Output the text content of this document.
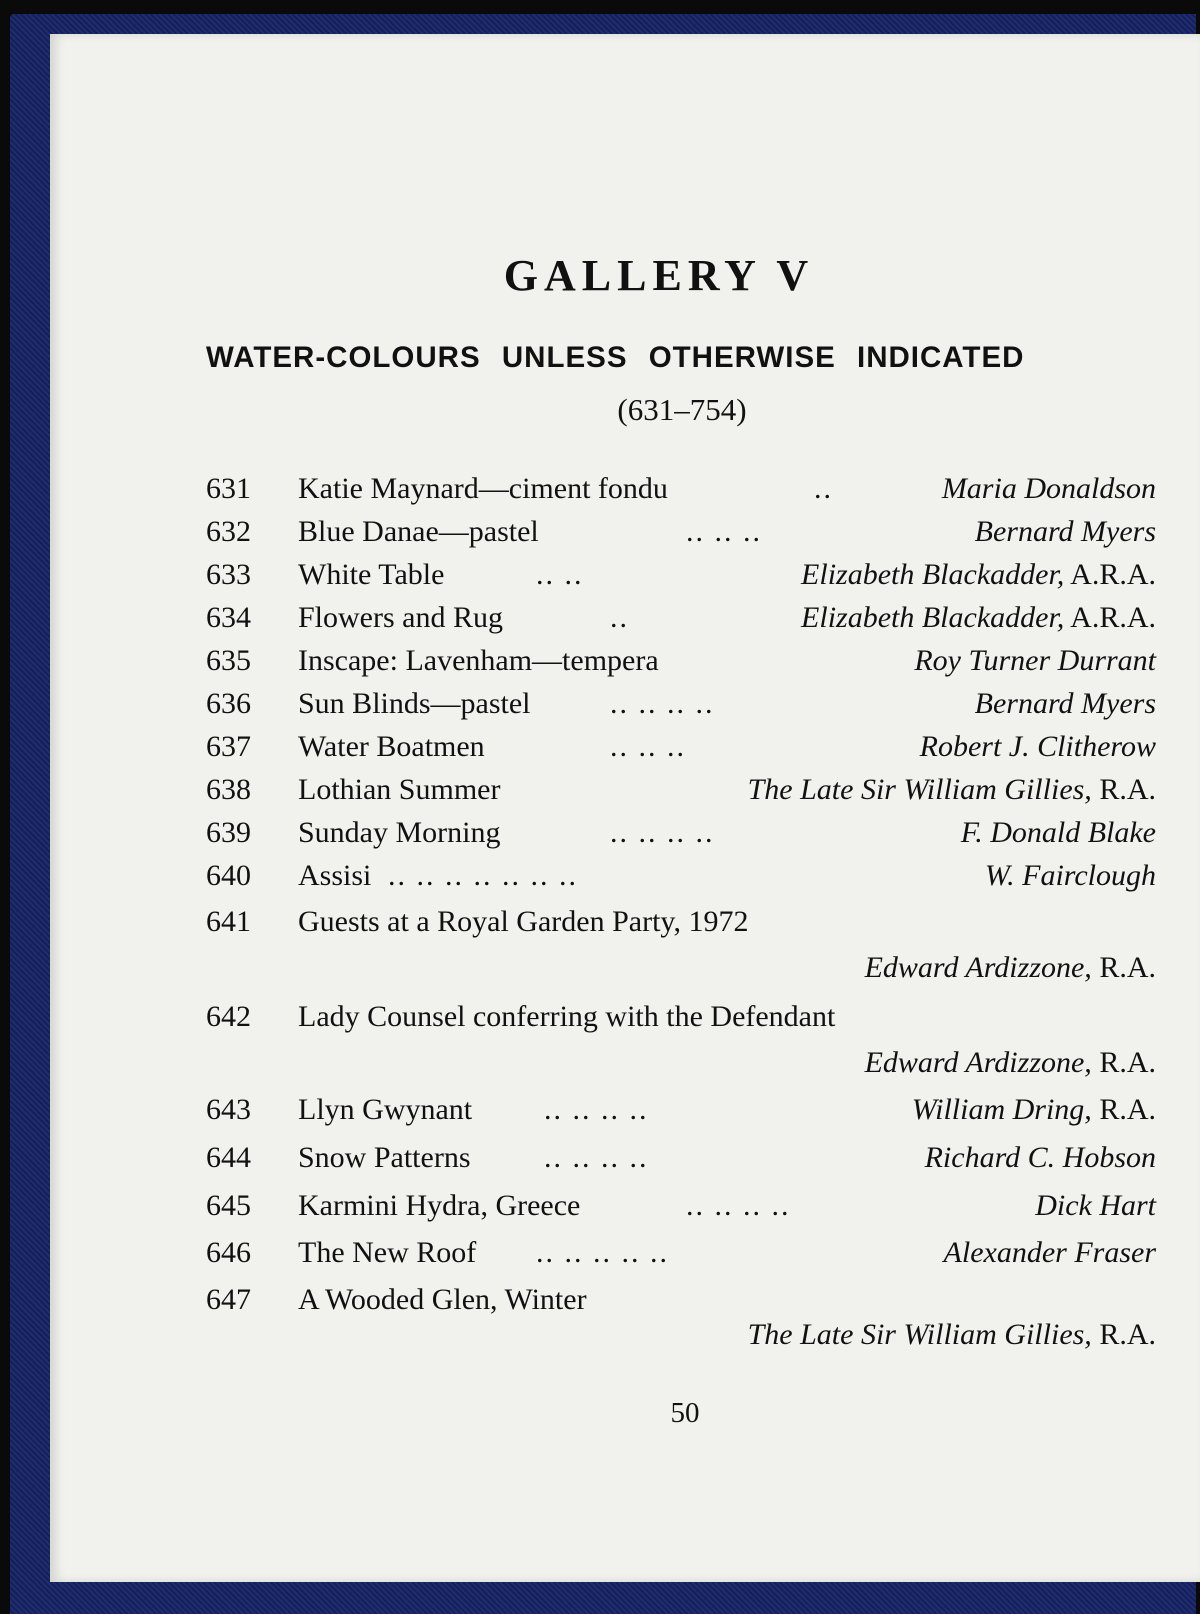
GALLERY V
WATER-COLOURS UNLESS OTHERWISE INDICATED
(631–754)
631 Katie Maynard—ciment fondu	..	Maria Donaldson
632 Blue Danae—pastel	.. .. ..	Bernard Myers
633 White Table	.. ..	Elizabeth Blackadder, A.R.A.
634 Flowers and Rug	..	Elizabeth Blackadder, A.R.A.
635 Inscape: Lavenham—tempera	Roy Turner Durrant
636 Sun Blinds—pastel	.. .. .. ..	Bernard Myers
637 Water Boatmen	.. .. ..	Robert J. Clitherow
638 Lothian Summer	The Late Sir William Gillies, R.A.
639 Sunday Morning	.. .. .. ..	F. Donald Blake
640 Assisi .. .. .. .. .. .. ..	W. Fairclough
641 Guests at a Royal Garden Party, 1972
Edward Ardizzone, R.A.
642 Lady Counsel conferring with the Defendant
Edward Ardizzone, R.A.
643 Llyn Gwynant .. .. .. ..	William Dring, R.A.
644 Snow Patterns .. .. .. ..	Richard C. Hobson
645 Karmini Hydra, Greece	.. .. .. ..	Dick Hart
646 The New Roof .. .. .. .. ..	Alexander Fraser
647 A Wooded Glen, Winter
The Late Sir William Gillies, R.A.
50
